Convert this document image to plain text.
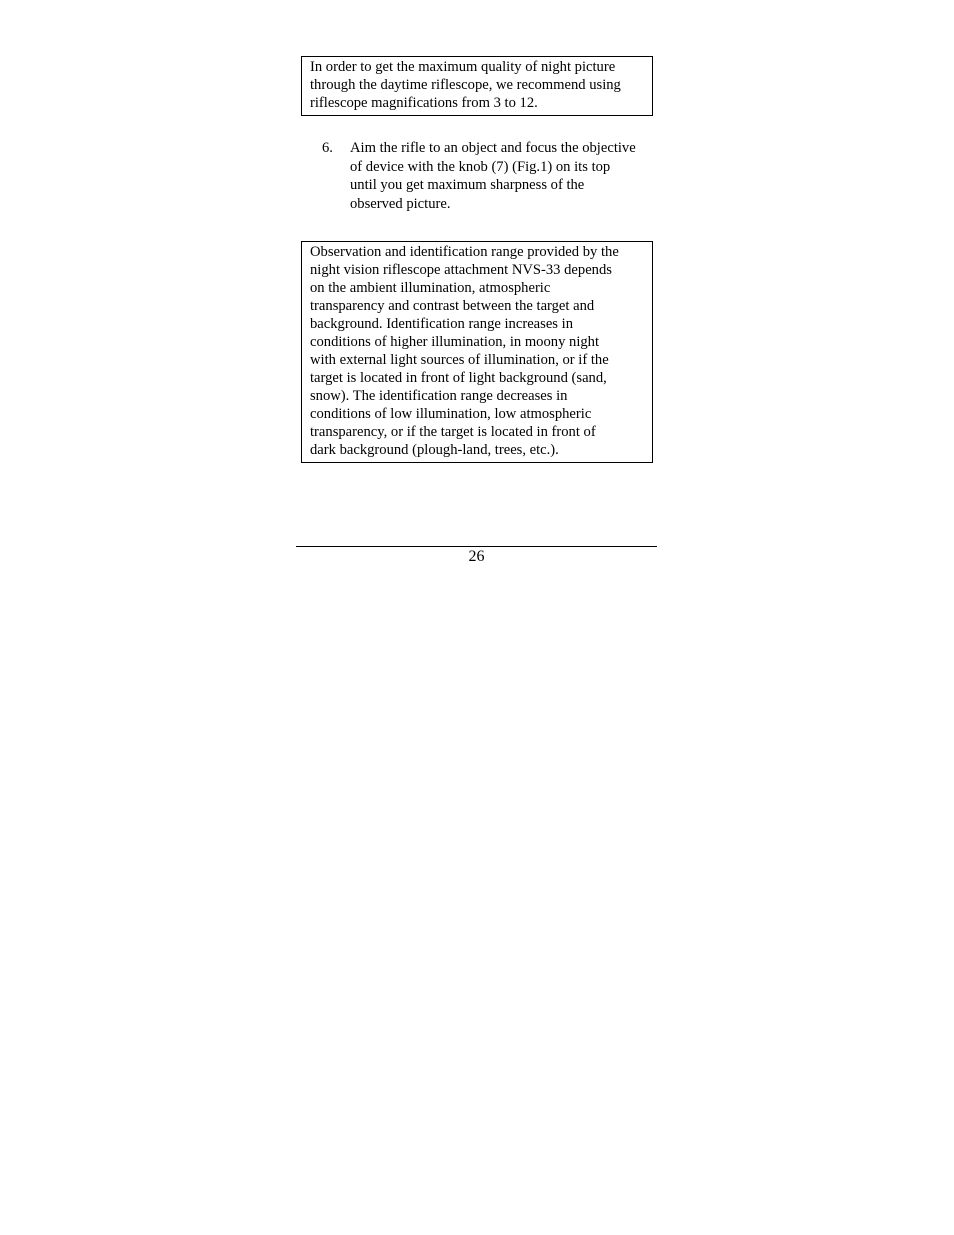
In order to get the maximum quality of night picture
through the daytime riflescope, we recommend using
riflescope magnifications from 3 to 12.
6. Aim the rifle to an object and focus the objective
of device with the knob (7) (Fig.1) on its top
until you get maximum sharpness of the
observed picture.
Observation and identification range provided by the
night vision riflescope attachment NVS-33 depends
on the ambient illumination, atmospheric
transparency and contrast between the target and
background. Identification range increases in
conditions of higher illumination, in moony night
with external light sources of illumination, or if the
target is located in front of light background (sand,
snow). The identification range decreases in
conditions of low illumination, low atmospheric
transparency, or if the target is located in front of
dark background (plough-land, trees, etc.).
26
